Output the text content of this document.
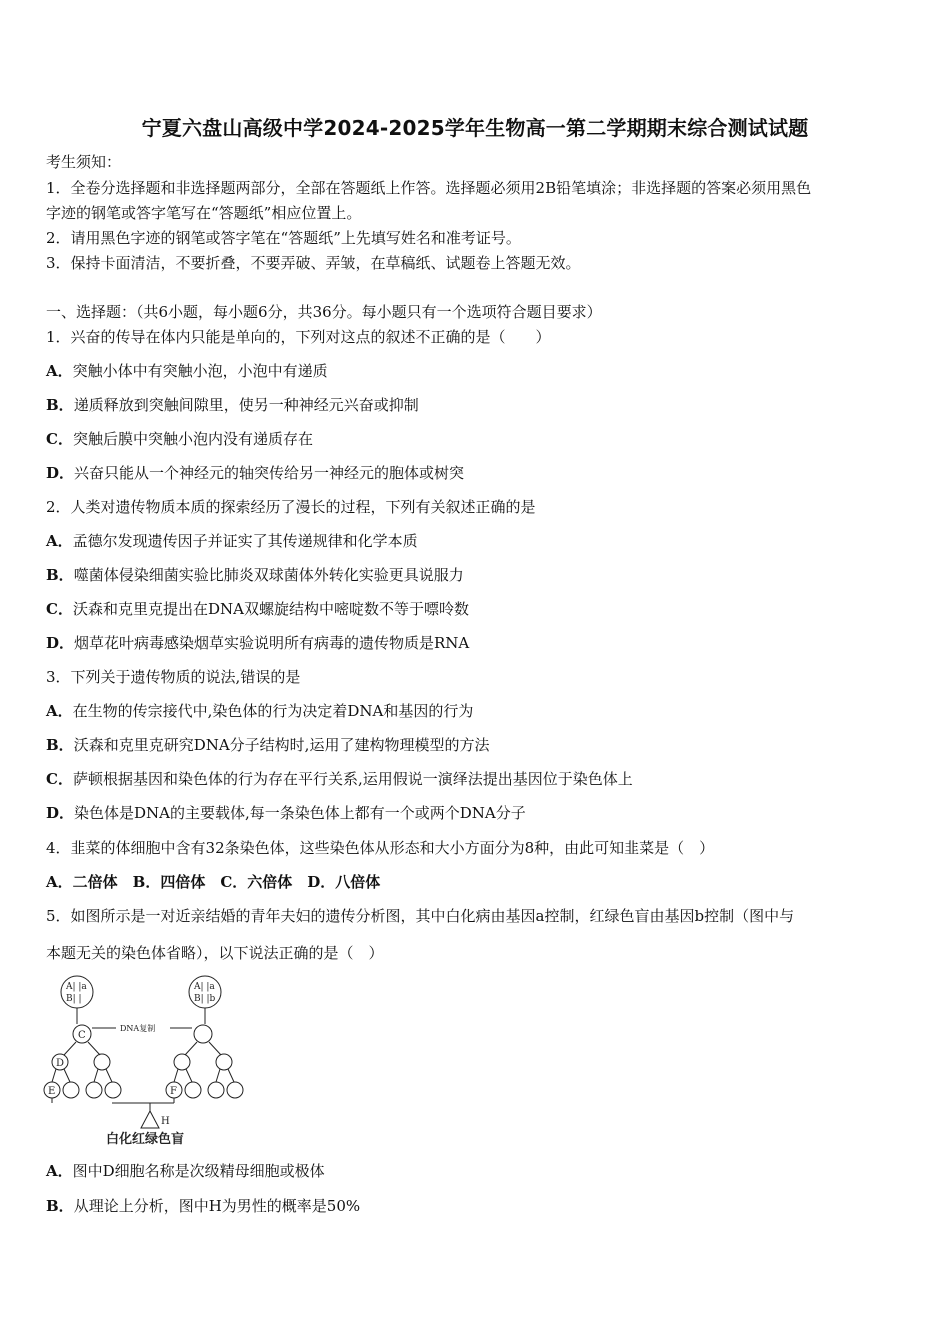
宁夏六盘山高级中学2024-2025学年生物高一第二学期期末综合测试试题
考生须知：
1．全卷分选择题和非选择题两部分，全部在答题纸上作答。选择题必须用2B铅笔填涂；非选择题的答案必须用黑色
字迹的钢笔或答字笔写在“答题纸”相应位置上。
2．请用黑色字迹的钢笔或答字笔在“答题纸”上先填写姓名和准考证号。
3．保持卡面清洁，不要折叠，不要弄破、弄皱，在草稿纸、试题卷上答题无效。
一、选择题：（共6小题，每小题6分，共36分。每小题只有一个选项符合题目要求）
1．兴奋的传导在体内只能是单向的，下列对这点的叙述不正确的是（　　）
A．突触小体中有突触小泡，小泡中有递质
B．递质释放到突触间隙里，使另一种神经元兴奋或抑制
C．突触后膜中突触小泡内没有递质存在
D．兴奋只能从一个神经元的轴突传给另一神经元的胞体或树突
2．人类对遗传物质本质的探索经历了漫长的过程，下列有关叙述正确的是
A．孟德尔发现遗传因子并证实了其传递规律和化学本质
B．噬菌体侵染细菌实验比肺炎双球菌体外转化实验更具说服力
C．沃森和克里克提出在DNA双螺旋结构中嘧啶数不等于嘌呤数
D．烟草花叶病毒感染烟草实验说明所有病毒的遗传物质是RNA
3．下列关于遗传物质的说法,错误的是
A．在生物的传宗接代中,染色体的行为决定着DNA和基因的行为
B．沃森和克里克研究DNA分子结构时,运用了建构物理模型的方法
C．萨顿根据基因和染色体的行为存在平行关系,运用假说一演绎法提出基因位于染色体上
D．染色体是DNA的主要载体,每一条染色体上都有一个或两个DNA分子
4．韭菜的体细胞中含有32条染色体，这些染色体从形态和大小方面分为8种，由此可知韭菜是（　）
A．二倍体　B．四倍体　C．六倍体　D．八倍体
5．如图所示是一对近亲结婚的青年夫妇的遗传分析图，其中白化病由基因a控制，红绿色盲由基因b控制（图中与
本题无关的染色体省略），以下说法正确的是（　）
A| |a
B| |
A| |a
B| |b
C
DNA复制
D
E	F
H
白化红绿色盲
A．图中D细胞名称是次级精母细胞或极体
B．从理论上分析，图中H为男性的概率是50%
